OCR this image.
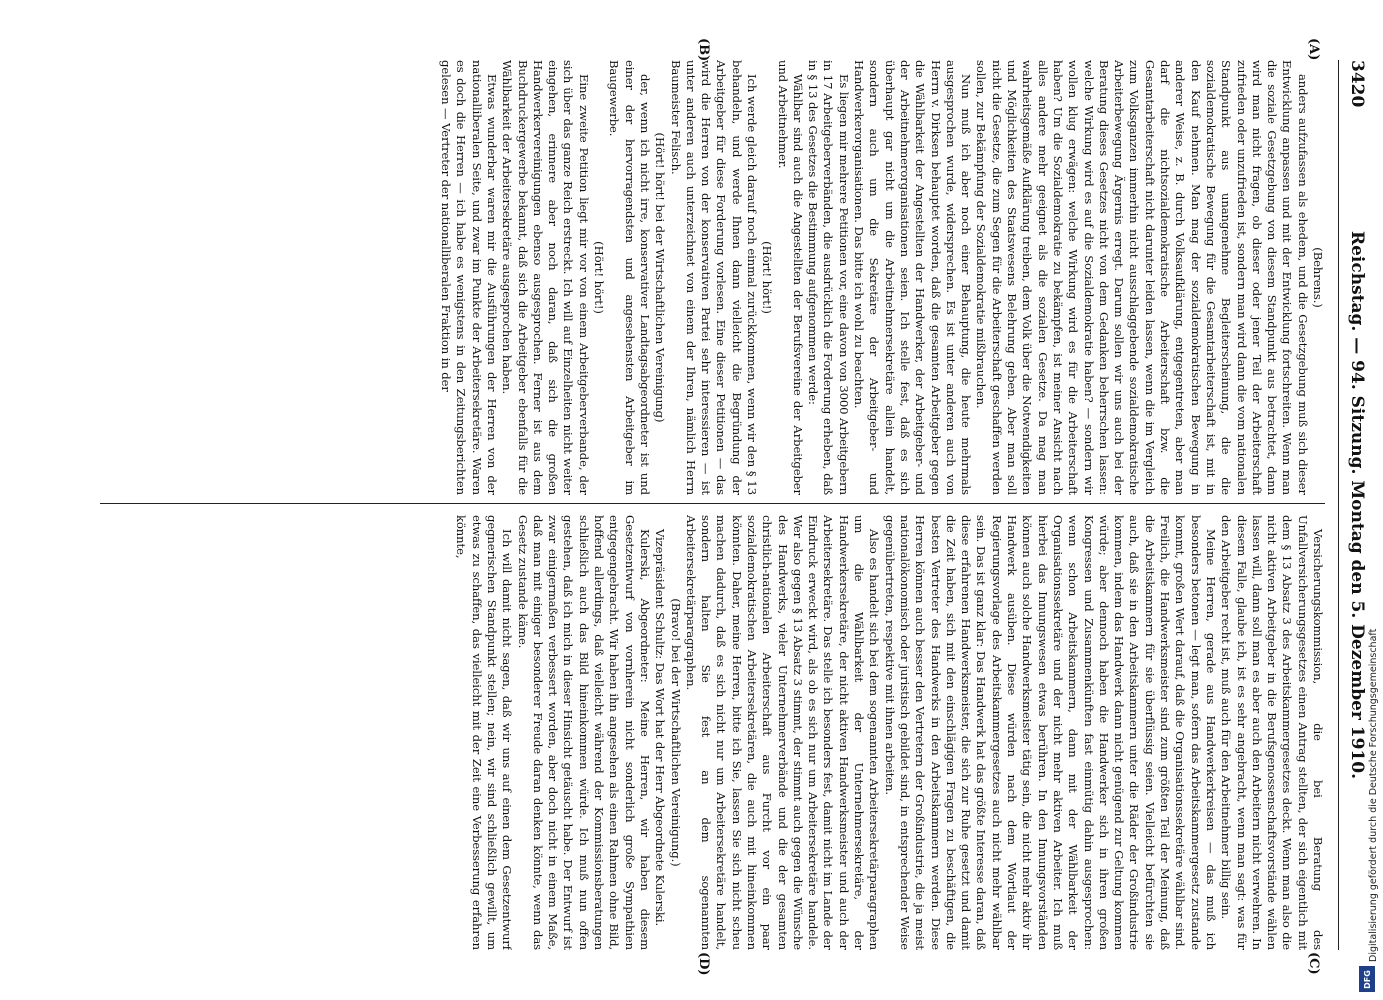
3420
Reichstag. — 94. Sitzung. Montag den 5. Dezember 1910.

(Behrens.)

anders aufzufassen als ehedem, und die Gesetzgebung muß sich dieser Entwicklung anpassen und mit der Entwicklung fortschreiten. Wenn man die soziale Gesetzgebung von diesem Standpunkt aus betrachtet, dann wird man nicht fragen, ob dieser oder jener Teil der Arbeiterschaft zufrieden oder unzufrieden ist, sondern man wird dann die vom nationalen Standpunkt aus unangenehme Begleiterscheinung, die die sozialdemokratische Bewegung für die Gesamtarbeiterschaft ist, mit in den Kauf nehmen. Man mag der sozialdemokratischen Bewegung in anderer Weise, z. B. durch Volksaufklärung, entgegentreten, aber man darf die nichtsozialdemokratische Arbeiterschaft bzw. die Gesamtarbeiterschaft nicht darunter leiden lassen, wenn die im Vergleich zum Volksganzen immerhin nicht ausschlaggebende sozialdemokratische Arbeiterbewegung Ärgernis erregt. Darum sollen wir uns auch bei der Beratung dieses Gesetzes nicht von dem Gedanken beherrschen lassen: welche Wirkung wird es auf die Sozialdemokratie haben? — sondern wir wollen klug erwägen: welche Wirkung wird es für die Arbeiterschaft haben? Um die Sozialdemokratie zu bekämpfen, ist meiner Ansicht nach alles andere mehr geeignet als die sozialen Gesetze. Da mag man wahrheitsgemäße Aufklärung treiben, dem Volk über die Notwendigkeiten und Möglichkeiten des Staatswesens Belehrung geben. Aber man soll nicht die Gesetze, die zum Segen für die Arbeiterschaft geschaffen werden sollen, zur Bekämpfung der Sozialdemokratie mißbrauchen.

Nun muß ich aber noch einer Behauptung, die heute mehrmals ausgesprochen wurde, widersprechen. Es ist unter anderen auch von Herrn v. Dirksen behauptet worden, daß die gesamten Arbeitgeber gegen die Wählbarkeit der Angestellten der Handwerker, der Arbeitgeber- und der Arbeitnehmerorganisationen seien. Ich stelle fest, daß es sich überhaupt gar nicht um die Arbeitnehmersekretäre allein handelt, sondern auch um die Sekretäre der Arbeitgeber- und Handwerkerorganisationen. Das bitte ich wohl zu beachten.

Es liegen mir mehrere Petitionen vor, eine davon von 3000 Arbeitgebern in 17 Arbeitgeberverbänden, die ausdrücklich die Forderung erheben, daß in § 13 des Gesetzes die Bestimmung aufgenommen werde:

Wählbar sind auch die Angestellten der Berufsvereine der Arbeitgeber und Arbeitnehmer.

(Hört! hört!)

Ich werde gleich darauf noch einmal zurückkommen, wenn wir den § 13 behandeln, und werde Ihnen dann vielleicht die Begründung der Arbeitgeber für diese Forderung vorlesen. Eine dieser Petitionen — das wird die Herren von der konservativen Partei sehr interessieren — ist unter anderen auch unterzeichnet von einem der Ihren, nämlich Herrn Baumeister Felisch.

(Hört! hört! bei der Wirtschaftlichen Vereinigung)

der, wenn ich nicht irre, konservativer Landtagsabgeordneter ist und einer der hervorragendsten und angesehensten Arbeitgeber im Baugewerbe.

(Hört! hört!)

Eine zweite Petition liegt mir vor von einem Arbeitgeberverbande, der sich über das ganze Reich erstreckt. Ich will auf Einzelheiten nicht weiter eingehen, erinnere aber noch daran, daß sich die großen Handwerkervereinigungen ebenso ausgesprochen. Ferner ist aus dem Buchdruckergewerbe bekannt, daß sich die Arbeitgeber ebenfalls für die Wählbarkeit der Arbeitersekretäre ausgesprochen haben.

Etwas wunderbar waren mir die Ausführungen der Herren von der nationalliberalen Seite, und zwar im Punkte der Arbeitersekretäre. Waren es doch die Herren — ich habe es wenigstens in den Zeitungsberichten gelesen — Vertreter der nationalliberalen Fraktion in der

Versicherungskommission, die bei Beratung des Unfallversicherungsgesetzes einen Antrag stellten, der sich eigentlich mit dem § 13 Absatz 3 des Arbeitskammergesetzes deckt. Wenn man also die nicht aktiven Arbeitgeber in die Berufsgenossenschaftsvorstände wählen lassen will, dann soll man es aber auch den Arbeitern nicht verwehren. In diesem Falle, glaube ich, ist es sehr angebracht, wenn man sagt: was für den Arbeitgeber recht ist, muß auch für den Arbeitnehmer billig sein.

Meine Herren, gerade aus Handwerkerkreisen — das muß ich besonders betonen — legt man, sofern das Arbeitskammergesetz zustande kommt, großen Wert darauf, daß die Organisationssekretäre wählbar sind. Freilich, die Handwerksmeister sind zum größten Teil der Meinung, daß die Arbeitskammern für sie überflüssig seien. Vielleicht befürchten sie auch, daß sie in den Arbeitskammern unter die Räder der Großindustrie kommen, indem das Handwerk dann nicht genügend zur Geltung kommen würde; aber dennoch haben die Handwerker sich in ihren großen Kongressen und Zusammenkünften fast einmütig dahin ausgesprochen: wenn schon Arbeitskammern, dann mit der Wählbarkeit der Organisationssekretäre und der nicht mehr aktiven Arbeiter. Ich muß hierbei das Innungswesen etwas berühren. In den Innungsvorständen können auch solche Handwerksmeister tätig sein, die nicht mehr aktiv ihr Handwerk ausüben. Diese würden nach dem Wortlaut der Regierungsvorlage des Arbeitskammergesetzes auch nicht mehr wählbar sein. Das ist ganz klar: Das Handwerk hat das größte Interesse daran, daß diese erfahrenen Handwerksmeister, die sich zur Ruhe gesetzt und damit die Zeit haben, sich mit den einschlägigen Fragen zu beschäftigen, die besten Vertreter des Handwerks in den Arbeitskammern werden. Diese Herren können auch besser den Vertretern der Großindustrie, die ja meist nationalökonomisch oder juristisch gebildet sind, in entsprechender Weise gegenübertreten, respektive mit ihnen arbeiten.

Also es handelt sich bei dem sogenannten Arbeitersekretärparagraphen um die Wählbarkeit der Unternehmersekretäre, der Handwerkersekretäre, der nicht aktiven Handwerksmeister und auch der Arbeitersekretäre. Das stelle ich besonders fest, damit nicht im Lande der Eindruck erweckt wird, als ob es sich nur um Arbeitersekretäre handele. Wer also gegen § 13 Absatz 3 stimmt, der stimmt auch gegen die Wünsche des Handwerks, vieler Unternehmerverbände und die der gesamten christlich-nationalen Arbeiterschaft aus Furcht vor ein paar sozialdemokratischen Arbeitersekretären, die auch mit hineinkommen könnten. Daher, meine Herren, bitte ich Sie, lassen Sie sich nicht scheu machen dadurch, daß es sich nicht nur um Arbeitersekretäre handelt, sondern halten Sie fest an dem sogenannten Arbeitersekretärparagraphen.

(Bravo! bei der Wirtschaftlichen Vereinigung.)

Vizepräsident Schultz: Das Wort hat der Herr Abgeordnete Kulerski.

Kulerski, Abgeordneter: Meine Herren, wir haben diesem Gesetzentwurf von vornherein nicht sonderlich große Sympathien entgegengebracht. Wir haben ihn angesehen als einen Rahmen ohne Bild, hoffend allerdings, daß vielleicht während der Kommissionsberatungen schließlich auch das Bild hineinkommen würde. Ich muß nun offen gestehen, daß ich mich in dieser Hinsicht getäuscht habe. Der Entwurf ist zwar einigermaßen verbessert worden, aber doch nicht in einem Maße, daß man mit einiger besonderer Freude daran denken könnte, wenn das Gesetz zustande käme.

Ich will damit nicht sagen, daß wir uns auf einen dem Gesetzentwurf gegnerischen Standpunkt stellen; nein, wir sind schließlich gewillt, um etwas zu schaffen, das vielleicht mit der Zeit eine Verbesserung erfahren könnte,

(A)
(B)
(C)
(D)
Digitalisierung gefördert durch die Deutsche Forschungsgemeinschaft
DFG
